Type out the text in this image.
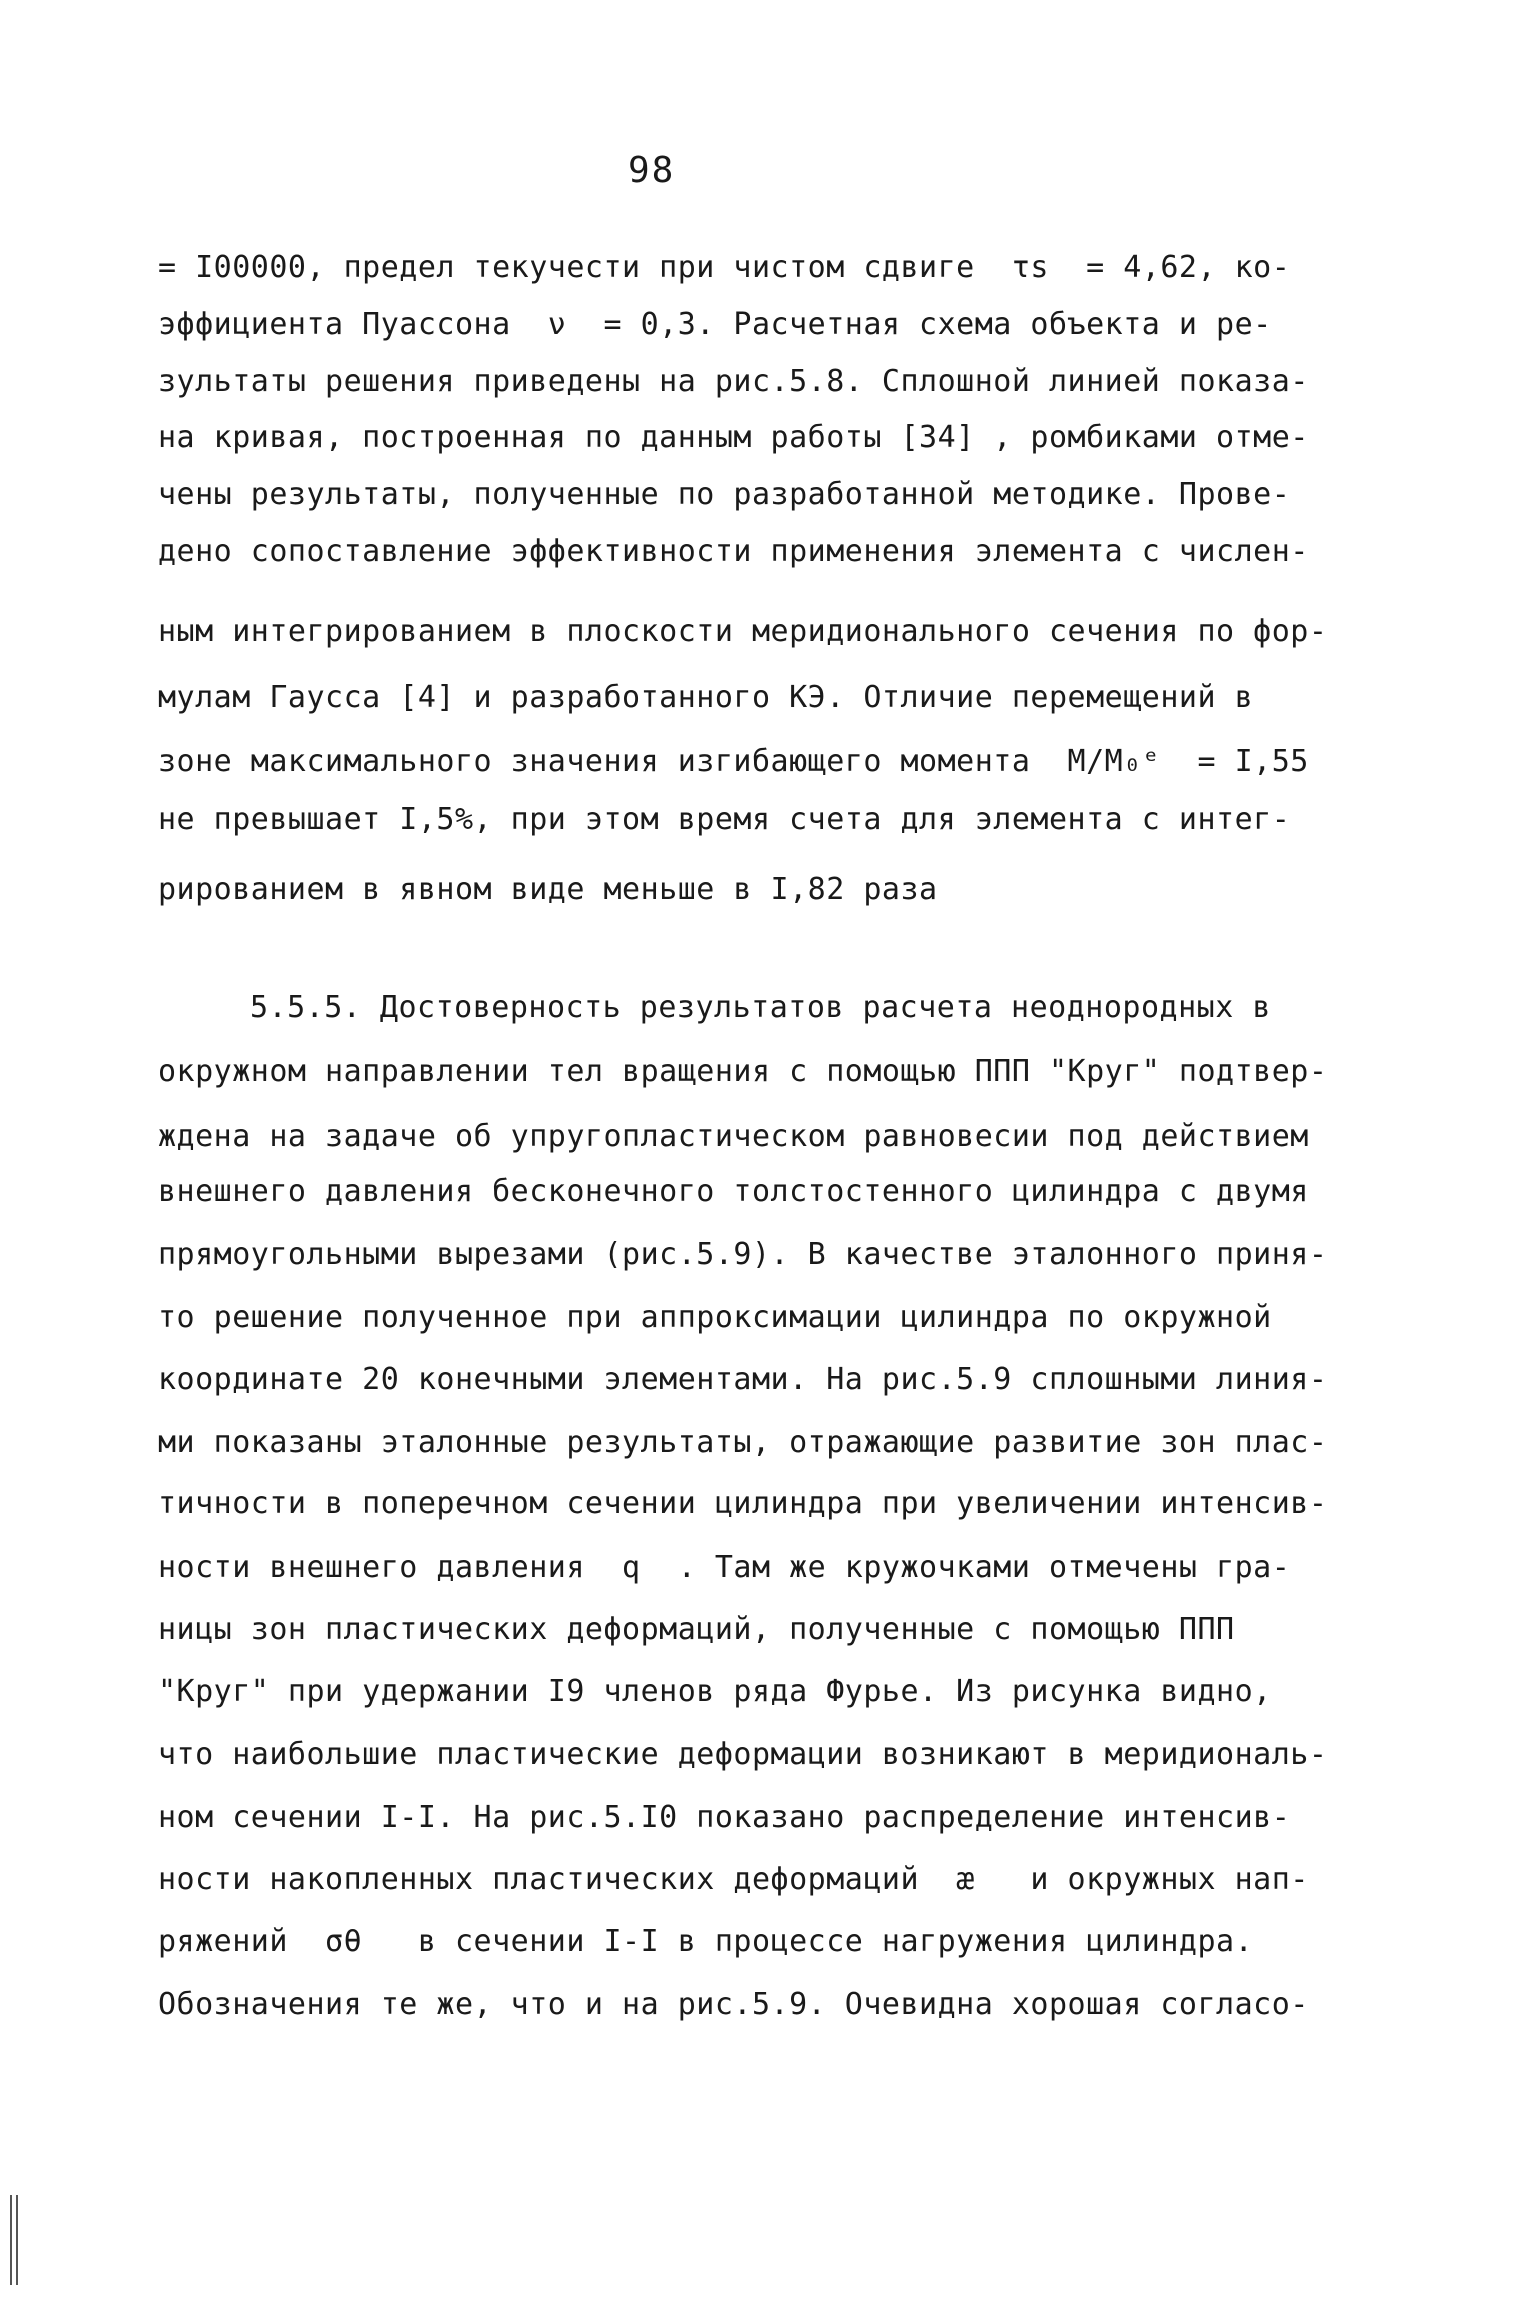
98
= I00000, предел текучести при чистом сдвиге  τs  = 4,62, ко-
эффициента Пуассона  ν  = 0,3. Расчетная схема объекта и ре-
зультаты решения приведены на рис.5.8. Сплошной линией показа-
на кривая, построенная по данным работы [34] , ромбиками отме-
чены результаты, полученные по разработанной методике. Прове-
дено сопоставление эффективности применения элемента с числен-
ным интегрированием в плоскости меридионального сечения по фор-
мулам Гаусса [4] и разработанного КЭ. Отличие перемещений в
зоне максимального значения изгибающего момента  M/M₀ᵉ  = I,55
не превышает I,5%, при этом время счета для элемента с интег-
рированием в явном виде меньше в I,82 раза
5.5.5. Достоверность результатов расчета неоднородных в
окружном направлении тел вращения с помощью ППП "Круг" подтвер-
ждена на задаче об упругопластическом равновесии под действием
внешнего давления бесконечного толстостенного цилиндра с двумя
прямоугольными вырезами (рис.5.9). В качестве эталонного приня-
то решение полученное при аппроксимации цилиндра по окружной
координате 20 конечными элементами. На рис.5.9 сплошными линия-
ми показаны эталонные результаты, отражающие развитие зон плас-
тичности в поперечном сечении цилиндра при увеличении интенсив-
ности внешнего давления  q  . Там же кружочками отмечены гра-
ницы зон пластических деформаций, полученные с помощью ППП
"Круг" при удержании I9 членов ряда Фурье. Из рисунка видно,
что наибольшие пластические деформации возникают в меридиональ-
ном сечении I-I. На рис.5.I0 показано распределение интенсив-
ности накопленных пластических деформаций  æ   и окружных нап-
ряжений  σθ   в сечении I-I в процессе нагружения цилиндра.
Обозначения те же, что и на рис.5.9. Очевидна хорошая согласо-
